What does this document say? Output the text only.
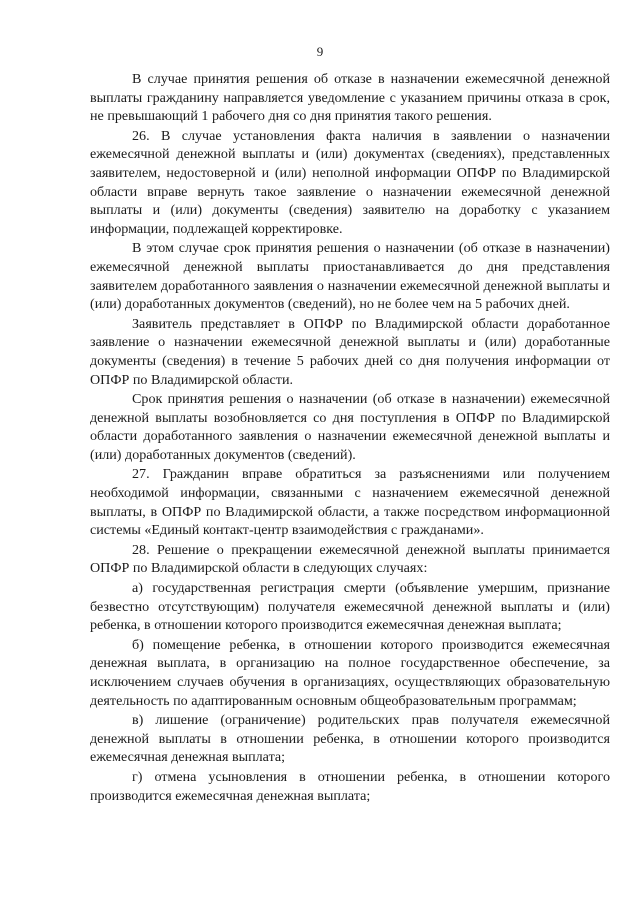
9

В случае принятия решения об отказе в назначении ежемесячной денежной выплаты гражданину направляется уведомление с указанием причины отказа в срок, не превышающий 1 рабочего дня со дня принятия такого решения.

26. В случае установления факта наличия в заявлении о назначении ежемесячной денежной выплаты и (или) документах (сведениях), представленных заявителем, недостоверной и (или) неполной информации ОПФР по Владимирской области вправе вернуть такое заявление о назначении ежемесячной денежной выплаты и (или) документы (сведения) заявителю на доработку с указанием информации, подлежащей корректировке.

В этом случае срок принятия решения о назначении (об отказе в назначении) ежемесячной денежной выплаты приостанавливается до дня представления заявителем доработанного заявления о назначении ежемесячной денежной выплаты и (или) доработанных документов (сведений), но не более чем на 5 рабочих дней.

Заявитель представляет в ОПФР по Владимирской области доработанное заявление о назначении ежемесячной денежной выплаты и (или) доработанные документы (сведения) в течение 5 рабочих дней со дня получения информации от ОПФР по Владимирской области.

Срок принятия решения о назначении (об отказе в назначении) ежемесячной денежной выплаты возобновляется со дня поступления в ОПФР по Владимирской области доработанного заявления о назначении ежемесячной денежной выплаты и (или) доработанных документов (сведений).

27. Гражданин вправе обратиться за разъяснениями или получением необходимой информации, связанными с назначением ежемесячной денежной выплаты, в ОПФР по Владимирской области, а также посредством информационной системы «Единый контакт-центр взаимодействия с гражданами».

28. Решение о прекращении ежемесячной денежной выплаты принимается ОПФР по Владимирской области в следующих случаях:

а) государственная регистрация смерти (объявление умершим, признание безвестно отсутствующим) получателя ежемесячной денежной выплаты и (или) ребенка, в отношении которого производится ежемесячная денежная выплата;

б) помещение ребенка, в отношении которого производится ежемесячная денежная выплата, в организацию на полное государственное обеспечение, за исключением случаев обучения в организациях, осуществляющих образовательную деятельность по адаптированным основным общеобразовательным программам;

в) лишение (ограничение) родительских прав получателя ежемесячной денежной выплаты в отношении ребенка, в отношении которого производится ежемесячная денежная выплата;

г) отмена усыновления в отношении ребенка, в отношении которого производится ежемесячная денежная выплата;
